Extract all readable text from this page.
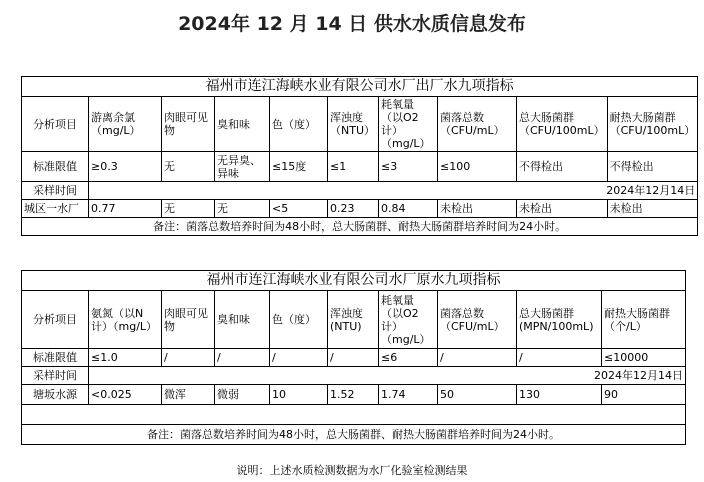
2024年 12 月 14 日 供水水质信息发布
福州市连江海峡水业有限公司水厂出厂水九项指标									
分析项目	游离余氯（mg/L）	肉眼可见物	臭和味	色（度）	浑浊度（NTU）	耗氧量（以O2计）（mg/L）	菌落总数（CFU/mL）	总大肠菌群（CFU/100mL）	耐热大肠菌群（CFU/100mL）
标准限值	≥0.3	无	无异臭、异味	≤15度	≤1	≤3	≤100	不得检出	不得检出
采样时间	2024年12月14日								
城区一水厂	0.77	无	无	<5	0.23	0.84	未检出	未检出	未检出
备注：菌落总数培养时间为48小时，总大肠菌群、耐热大肠菌群培养时间为24小时。									
福州市连江海峡水业有限公司水厂原水九项指标									
分析项目	氨氮（以N计）（mg/L）	肉眼可见物	臭和味	色（度）	浑浊度(NTU)	耗氧量（以O2计）（mg/L）	菌落总数（CFU/mL）	总大肠菌群(MPN/100mL)	耐热大肠菌群（个/L）
标准限值	≤1.0	/	/	/	/	≤6	/	/	≤10000
采样时间	2024年12月14日								
塘坂水源	<0.025	微浑	微弱	10	1.52	1.74	50	130	90

备注：菌落总数培养时间为48小时，总大肠菌群、耐热大肠菌群培养时间为24小时。									
说明：上述水质检测数据为水厂化验室检测结果
